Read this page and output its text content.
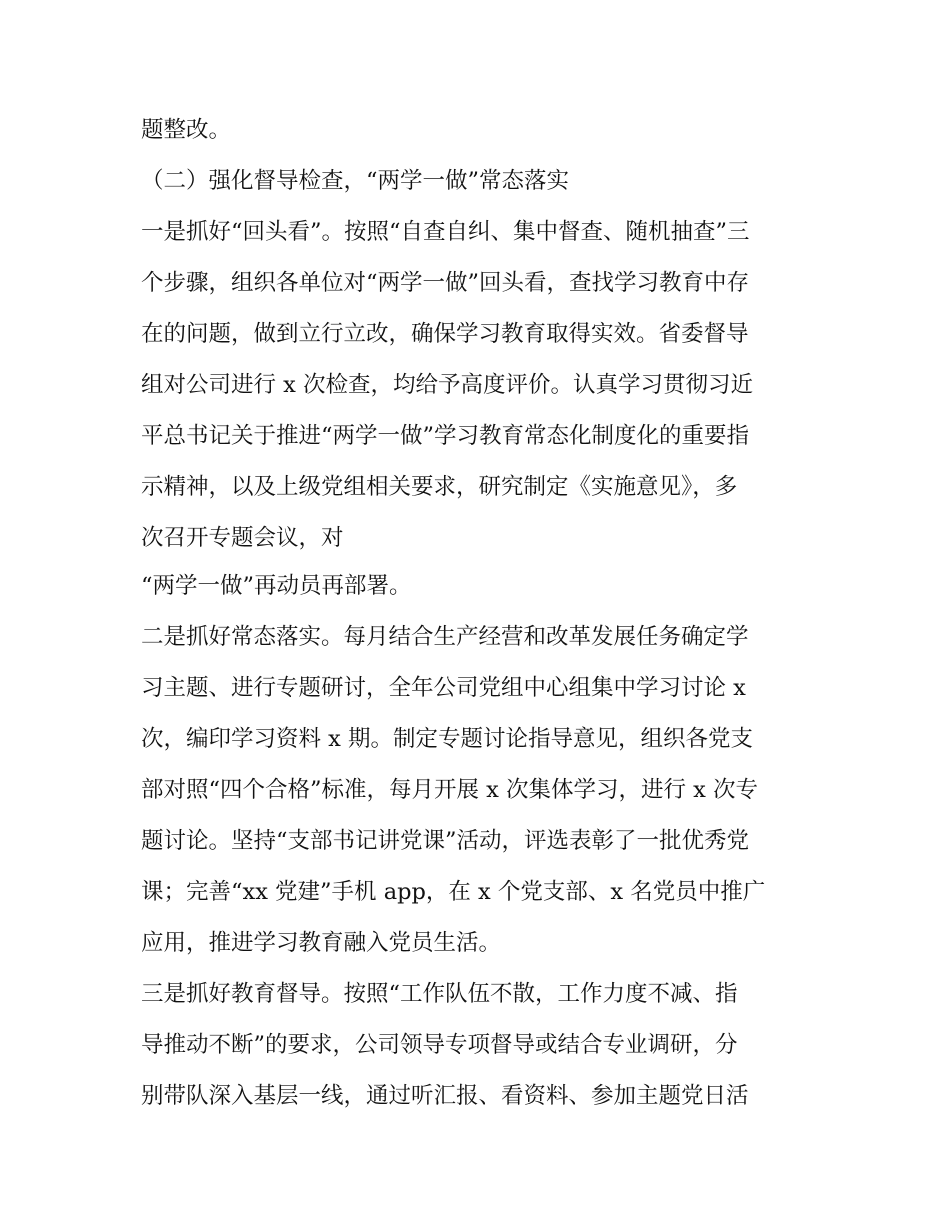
题整改。
（二）强化督导检查，“两学一做”常态落实
一是抓好“回头看”。按照“自查自纠、集中督查、随机抽查”三
个步骤，组织各单位对“两学一做”回头看，查找学习教育中存
在的问题，做到立行立改，确保学习教育取得实效。省委督导
组对公司进行 x 次检查，均给予高度评价。认真学习贯彻习近
平总书记关于推进“两学一做”学习教育常态化制度化的重要指
示精神，以及上级党组相关要求，研究制定《实施意见》，多
次召开专题会议，对
“两学一做”再动员再部署。
二是抓好常态落实。每月结合生产经营和改革发展任务确定学
习主题、进行专题研讨，全年公司党组中心组集中学习讨论 x
次，编印学习资料 x 期。制定专题讨论指导意见，组织各党支
部对照“四个合格”标准，每月开展 x 次集体学习，进行 x 次专
题讨论。坚持“支部书记讲党课”活动，评选表彰了一批优秀党
课；完善“xx 党建”手机 app，在 x 个党支部、x 名党员中推广
应用，推进学习教育融入党员生活。
三是抓好教育督导。按照“工作队伍不散，工作力度不减、指
导推动不断”的要求，公司领导专项督导或结合专业调研，分
别带队深入基层一线，通过听汇报、看资料、参加主题党日活
